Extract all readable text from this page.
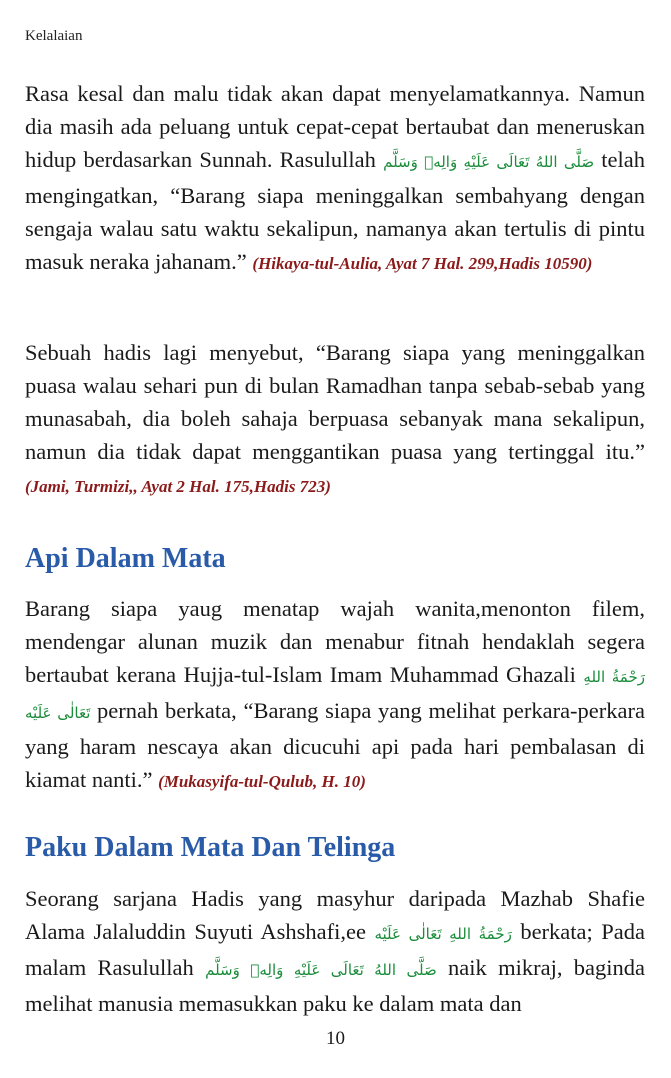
Kelalaian

Rasa kesal dan malu tidak akan dapat menyelamatkannya. Namun dia masih ada peluang untuk cepat-cepat bertaubat dan meneruskan hidup berdasarkan Sunnah. Rasulullah صَلَّى اللهُ تَعَالَى عَلَيْهِ وَالِهٖ وَسَلَّم telah mengingatkan, “Barang siapa meninggalkan sembahyang dengan sengaja walau satu waktu sekalipun, namanya akan tertulis di pintu masuk neraka jahanam.” (Hikaya-tul-Aulia, Ayat 7 Hal. 299,Hadis 10590)

Sebuah hadis lagi menyebut, “Barang siapa yang meninggalkan puasa walau sehari pun di bulan Ramadhan tanpa sebab-sebab yang munasabah, dia boleh sahaja berpuasa sebanyak mana sekalipun, namun dia tidak dapat menggantikan puasa yang tertinggal itu.” (Jami, Turmizi,, Ayat 2 Hal. 175,Hadis 723)

Api Dalam Mata

Barang siapa yaug menatap wajah wanita,menonton filem, mendengar alunan muzik dan menabur fitnah hendaklah segera bertaubat kerana Hujja-tul-Islam Imam Muhammad Ghazali رَحْمَةُ اللهِ تَعَالٰى عَلَيْه pernah berkata, “Barang siapa yang melihat perkara-perkara yang haram nescaya akan dicucuhi api pada hari pembalasan di kiamat nanti.” (Mukasyifa-tul-Qulub, H. 10)

Paku Dalam Mata Dan Telinga

Seorang sarjana Hadis yang masyhur daripada Mazhab Shafie Alama Jalaluddin Suyuti Ashshafi,ee رَحْمَةُ اللهِ تَعَالٰى عَلَيْه berkata; Pada malam Rasulullah صَلَّى اللهُ تَعَالَى عَلَيْهِ وَالِهٖ وَسَلَّم naik mikraj, baginda melihat manusia memasukkan paku ke dalam mata dan

10
